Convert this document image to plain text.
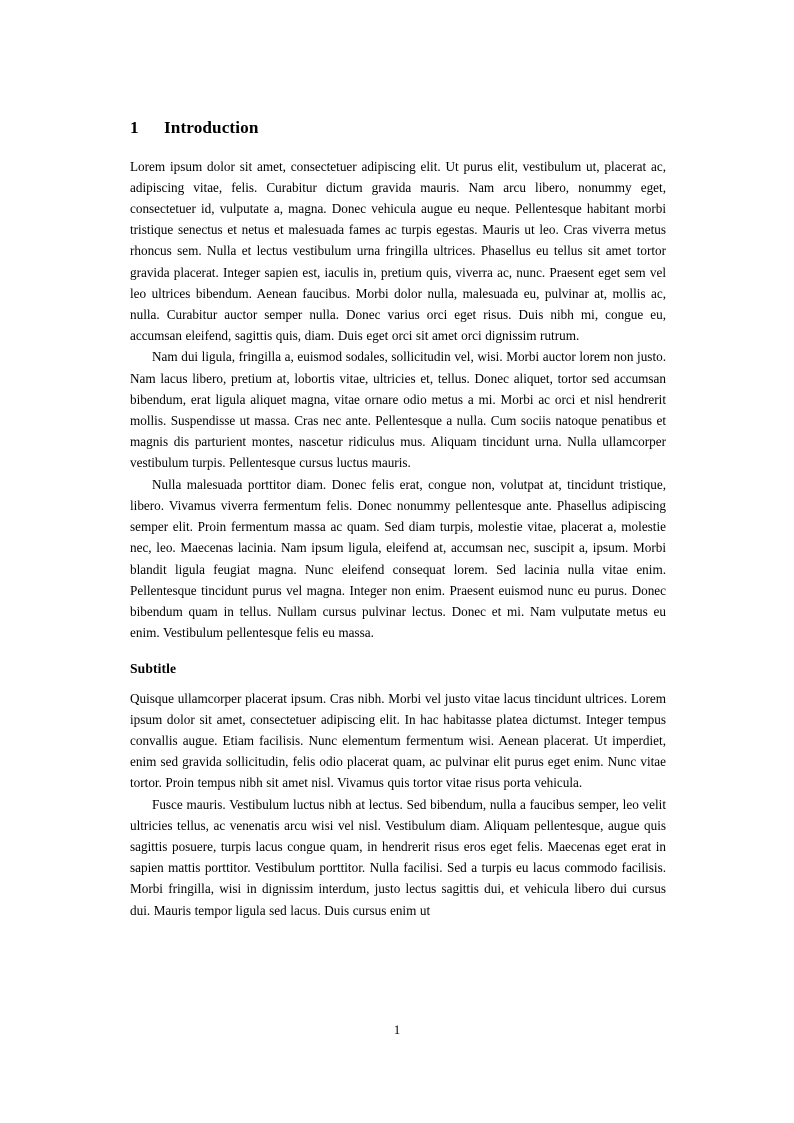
1	Introduction

Lorem ipsum dolor sit amet, consectetuer adipiscing elit. Ut purus elit, vestibulum ut, placerat ac, adipiscing vitae, felis. Curabitur dictum gravida mauris. Nam arcu libero, nonummy eget, consectetuer id, vulputate a, magna. Donec vehicula augue eu neque. Pellentesque habitant morbi tristique senectus et netus et malesuada fames ac turpis egestas. Mauris ut leo. Cras viverra metus rhoncus sem. Nulla et lectus vestibulum urna fringilla ultrices. Phasellus eu tellus sit amet tortor gravida placerat. Integer sapien est, iaculis in, pretium quis, viverra ac, nunc. Praesent eget sem vel leo ultrices bibendum. Aenean faucibus. Morbi dolor nulla, malesuada eu, pulvinar at, mollis ac, nulla. Curabitur auctor semper nulla. Donec varius orci eget risus. Duis nibh mi, congue eu, accumsan eleifend, sagittis quis, diam. Duis eget orci sit amet orci dignissim rutrum.

Nam dui ligula, fringilla a, euismod sodales, sollicitudin vel, wisi. Morbi auctor lorem non justo. Nam lacus libero, pretium at, lobortis vitae, ultricies et, tellus. Donec aliquet, tortor sed accumsan bibendum, erat ligula aliquet magna, vitae ornare odio metus a mi. Morbi ac orci et nisl hendrerit mollis. Suspendisse ut massa. Cras nec ante. Pellentesque a nulla. Cum sociis natoque penatibus et magnis dis parturient montes, nascetur ridiculus mus. Aliquam tincidunt urna. Nulla ullamcorper vestibulum turpis. Pellentesque cursus luctus mauris.

Nulla malesuada porttitor diam. Donec felis erat, congue non, volutpat at, tincidunt tristique, libero. Vivamus viverra fermentum felis. Donec nonummy pellentesque ante. Phasellus adipiscing semper elit. Proin fermentum massa ac quam. Sed diam turpis, molestie vitae, placerat a, molestie nec, leo. Maecenas lacinia. Nam ipsum ligula, eleifend at, accumsan nec, suscipit a, ipsum. Morbi blandit ligula feugiat magna. Nunc eleifend consequat lorem. Sed lacinia nulla vitae enim. Pellentesque tincidunt purus vel magna. Integer non enim. Praesent euismod nunc eu purus. Donec bibendum quam in tellus. Nullam cursus pulvinar lectus. Donec et mi. Nam vulputate metus eu enim. Vestibulum pellentesque felis eu massa.

Subtitle

Quisque ullamcorper placerat ipsum. Cras nibh. Morbi vel justo vitae lacus tincidunt ultrices. Lorem ipsum dolor sit amet, consectetuer adipiscing elit. In hac habitasse platea dictumst. Integer tempus convallis augue. Etiam facilisis. Nunc elementum fermentum wisi. Aenean placerat. Ut imperdiet, enim sed gravida sollicitudin, felis odio placerat quam, ac pulvinar elit purus eget enim. Nunc vitae tortor. Proin tempus nibh sit amet nisl. Vivamus quis tortor vitae risus porta vehicula.

Fusce mauris. Vestibulum luctus nibh at lectus. Sed bibendum, nulla a faucibus semper, leo velit ultricies tellus, ac venenatis arcu wisi vel nisl. Vestibulum diam. Aliquam pellentesque, augue quis sagittis posuere, turpis lacus congue quam, in hendrerit risus eros eget felis. Maecenas eget erat in sapien mattis porttitor. Vestibulum porttitor. Nulla facilisi. Sed a turpis eu lacus commodo facilisis. Morbi fringilla, wisi in dignissim interdum, justo lectus sagittis dui, et vehicula libero dui cursus dui. Mauris tempor ligula sed lacus. Duis cursus enim ut

1
